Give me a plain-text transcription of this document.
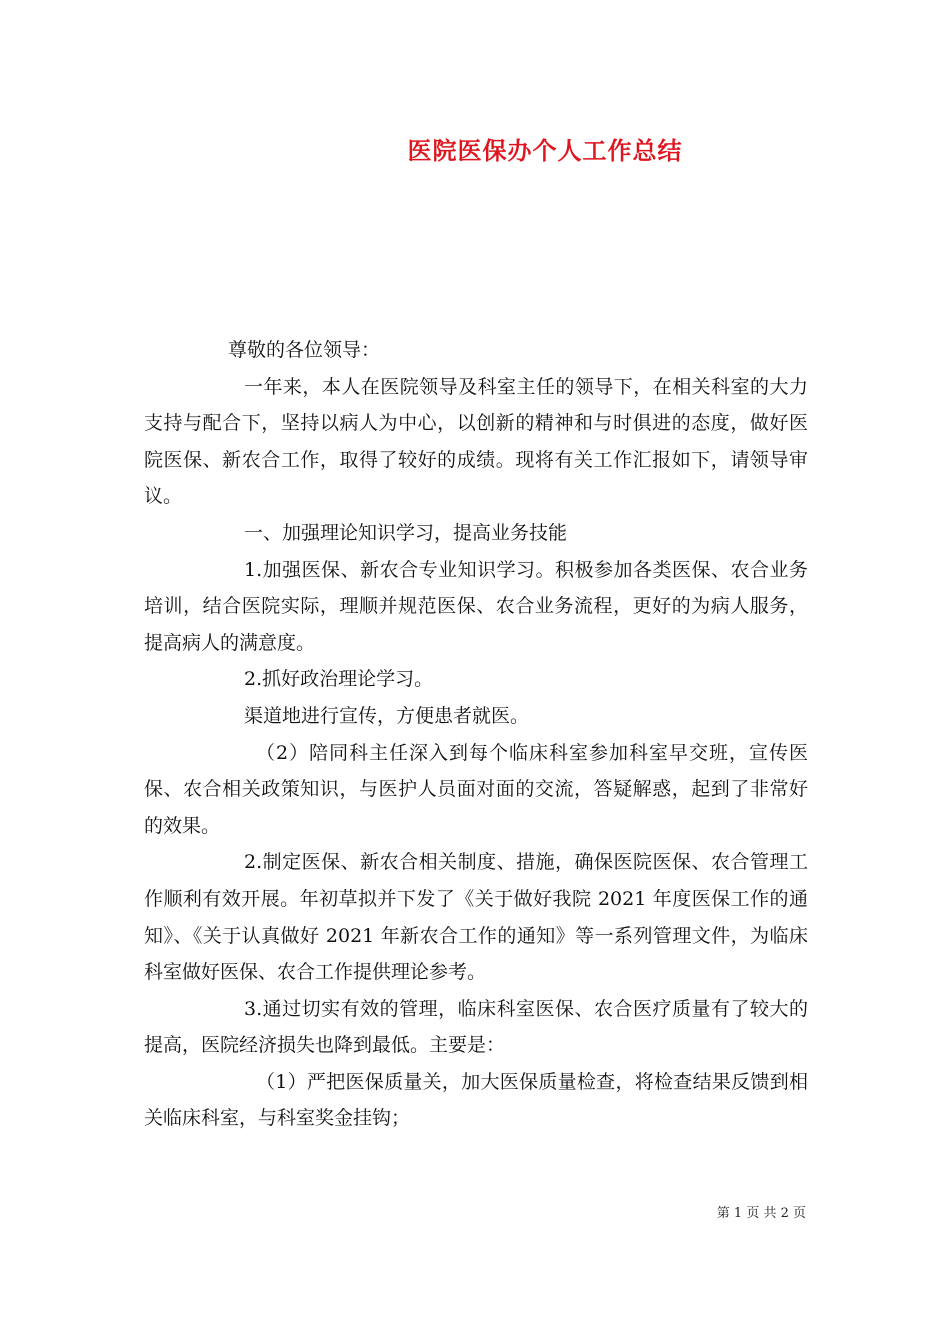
医院医保办个人工作总结

尊敬的各位领导：

一年来，本人在医院领导及科室主任的领导下，在相关科室的大力支持与配合下，坚持以病人为中心，以创新的精神和与时俱进的态度，做好医院医保、新农合工作，取得了较好的成绩。现将有关工作汇报如下，请领导审议。

一、加强理论知识学习，提高业务技能

1.加强医保、新农合专业知识学习。积极参加各类医保、农合业务培训，结合医院实际，理顺并规范医保、农合业务流程，更好的为病人服务，提高病人的满意度。

2.抓好政治理论学习。

渠道地进行宣传，方便患者就医。

（2）陪同科主任深入到每个临床科室参加科室早交班，宣传医保、农合相关政策知识，与医护人员面对面的交流，答疑解惑，起到了非常好的效果。

2.制定医保、新农合相关制度、措施，确保医院医保、农合管理工作顺利有效开展。年初草拟并下发了《关于做好我院 2021 年度医保工作的通知》、《关于认真做好 2021 年新农合工作的通知》等一系列管理文件，为临床科室做好医保、农合工作提供理论参考。

3.通过切实有效的管理，临床科室医保、农合医疗质量有了较大的提高，医院经济损失也降到最低。主要是：

（1）严把医保质量关，加大医保质量检查，将检查结果反馈到相关临床科室，与科室奖金挂钩；

第 1 页 共 2 页
